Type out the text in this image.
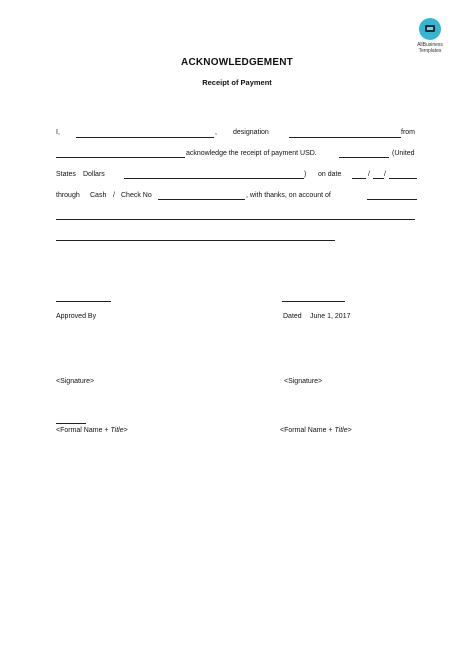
AllBusiness
Templates
ACKNOWLEDGEMENT
Receipt of Payment
I,	, designation	from
acknowledge the receipt of payment USD.	(United
States Dollars	) on date	/ /
through Cash / Check No	, with thanks, on account of
Approved By	Dated June 1, 2017
<Signature>	<Signature>
<Formal Name + Title>	<Formal Name + Title>
